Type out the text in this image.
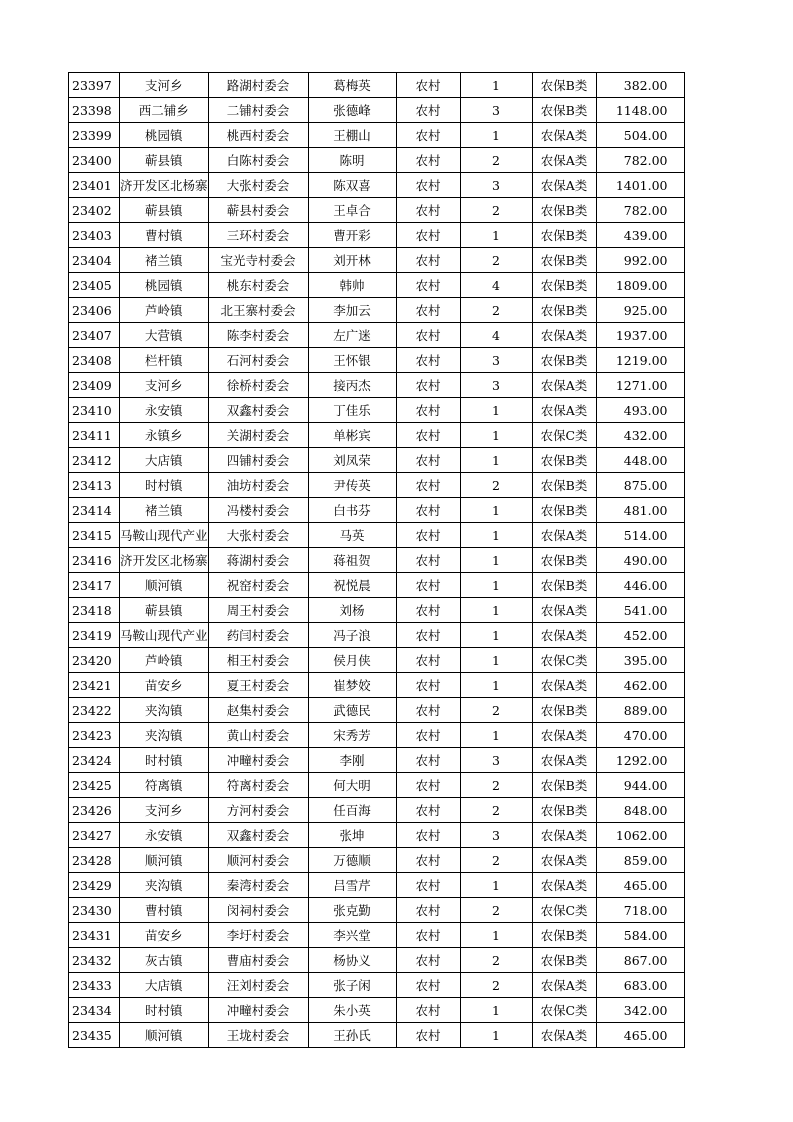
23397	支河乡	路湖村委会	葛梅英	农村	1	农保B类	382.00
23398	西二铺乡	二铺村委会	张德峰	农村	3	农保B类	1148.00
23399	桃园镇	桃西村委会	王棚山	农村	1	农保A类	504.00
23400	蕲县镇	白陈村委会	陈明	农村	2	农保A类	782.00
23401	济开发区北杨寨	大张村委会	陈双喜	农村	3	农保A类	1401.00
23402	蕲县镇	蕲县村委会	王卓合	农村	2	农保B类	782.00
23403	曹村镇	三环村委会	曹开彩	农村	1	农保B类	439.00
23404	褚兰镇	宝光寺村委会	刘开林	农村	2	农保B类	992.00
23405	桃园镇	桃东村委会	韩帅	农村	4	农保B类	1809.00
23406	芦岭镇	北王寨村委会	李加云	农村	2	农保B类	925.00
23407	大营镇	陈李村委会	左广迷	农村	4	农保A类	1937.00
23408	栏杆镇	石河村委会	王怀银	农村	3	农保B类	1219.00
23409	支河乡	徐桥村委会	接丙杰	农村	3	农保A类	1271.00
23410	永安镇	双鑫村委会	丁佳乐	农村	1	农保A类	493.00
23411	永镇乡	关湖村委会	单彬宾	农村	1	农保C类	432.00
23412	大店镇	四铺村委会	刘凤荣	农村	1	农保B类	448.00
23413	时村镇	油坊村委会	尹传英	农村	2	农保B类	875.00
23414	褚兰镇	冯楼村委会	白书芬	农村	1	农保B类	481.00
23415	马鞍山现代产业	大张村委会	马英	农村	1	农保A类	514.00
23416	济开发区北杨寨	蒋湖村委会	蒋祖贺	农村	1	农保B类	490.00
23417	顺河镇	祝窑村委会	祝悦晨	农村	1	农保B类	446.00
23418	蕲县镇	周王村委会	刘杨	农村	1	农保A类	541.00
23419	马鞍山现代产业	药闫村委会	冯子浪	农村	1	农保A类	452.00
23420	芦岭镇	相王村委会	侯月侠	农村	1	农保C类	395.00
23421	苗安乡	夏王村委会	崔梦姣	农村	1	农保A类	462.00
23422	夹沟镇	赵集村委会	武德民	农村	2	农保B类	889.00
23423	夹沟镇	黄山村委会	宋秀芳	农村	1	农保A类	470.00
23424	时村镇	冲疃村委会	李刚	农村	3	农保A类	1292.00
23425	符离镇	符离村委会	何大明	农村	2	农保B类	944.00
23426	支河乡	方河村委会	任百海	农村	2	农保B类	848.00
23427	永安镇	双鑫村委会	张坤	农村	3	农保A类	1062.00
23428	顺河镇	顺河村委会	万德顺	农村	2	农保A类	859.00
23429	夹沟镇	秦湾村委会	吕雪芹	农村	1	农保A类	465.00
23430	曹村镇	闵祠村委会	张克勤	农村	2	农保C类	718.00
23431	苗安乡	李圩村委会	李兴堂	农村	1	农保B类	584.00
23432	灰古镇	曹庙村委会	杨协义	农村	2	农保B类	867.00
23433	大店镇	汪刘村委会	张子闲	农村	2	农保A类	683.00
23434	时村镇	冲疃村委会	朱小英	农村	1	农保C类	342.00
23435	顺河镇	王垅村委会	王孙氏	农村	1	农保A类	465.00
